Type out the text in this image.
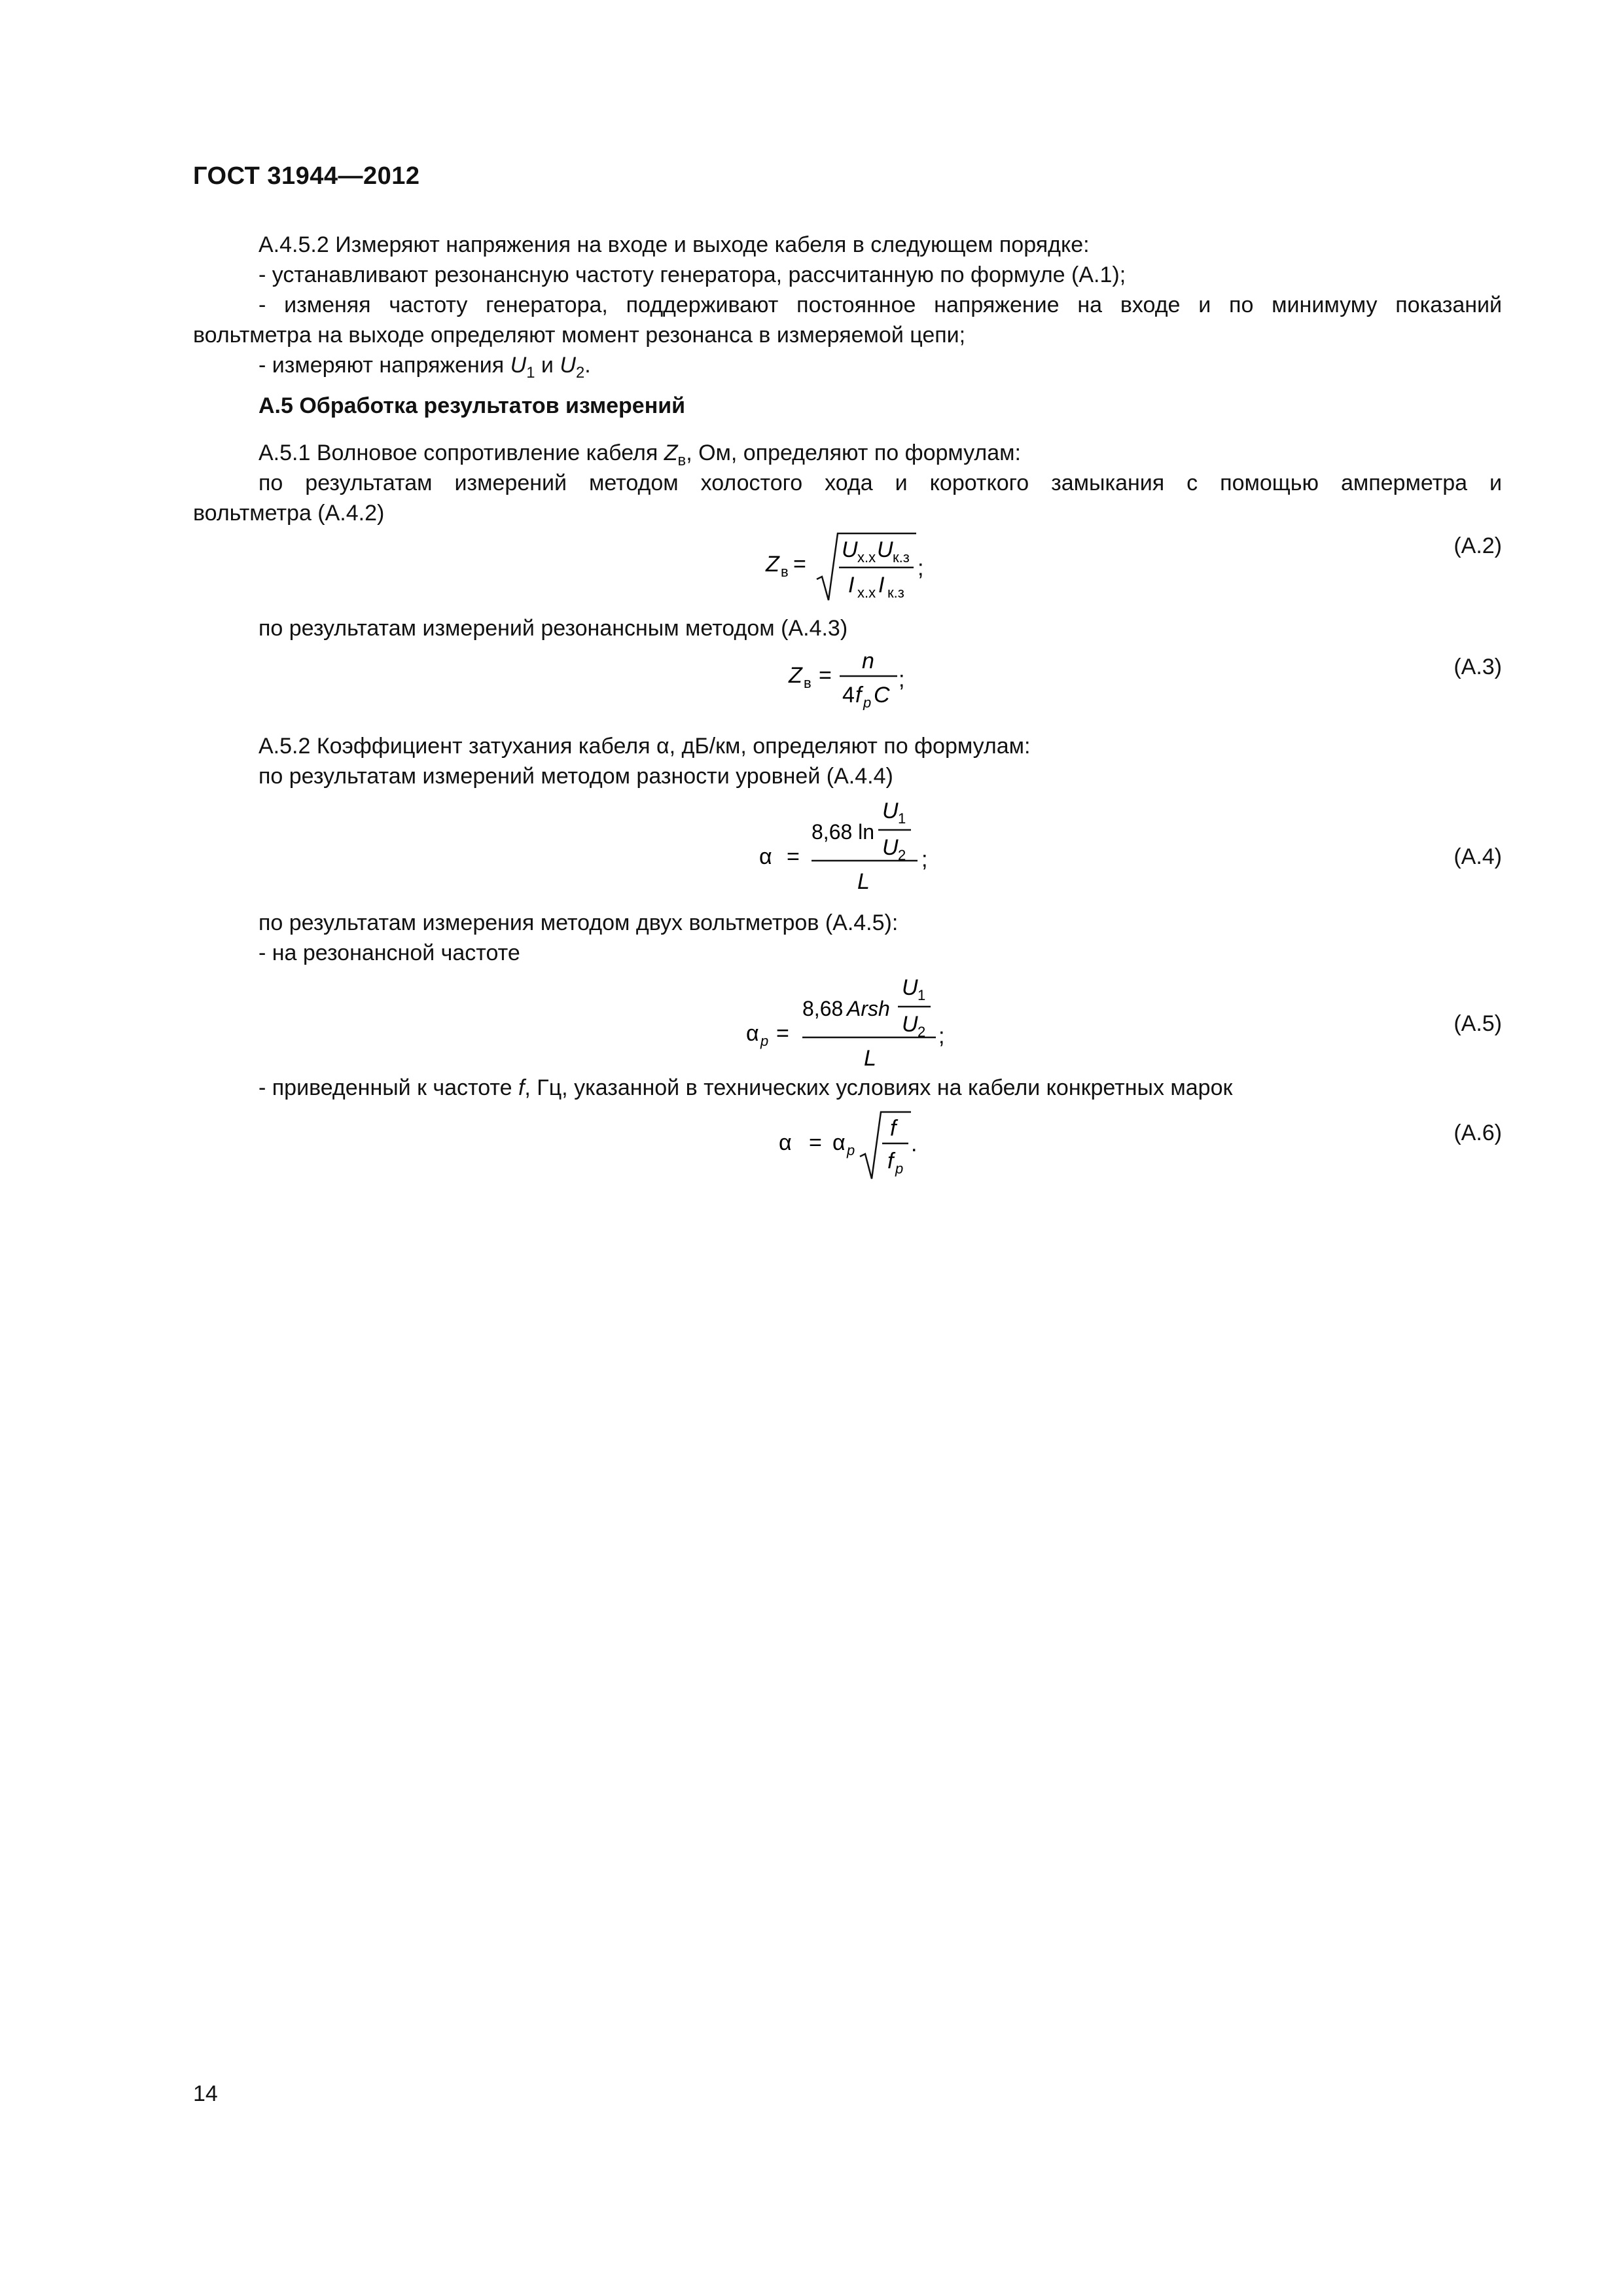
ГОСТ 31944—2012
А.4.5.2 Измеряют напряжения на входе и выходе кабеля в следующем порядке:
- устанавливают резонансную частоту генератора, рассчитанную по формуле (А.1);
- изменяя частоту генератора, поддерживают постоянное напряжение на входе и по минимуму показаний
вольтметра на выходе определяют момент резонанса в измеряемой цепи;
- измеряют напряжения $U_1$ и $U_2$.
А.5 Обработка результатов измерений
А.5.1 Волновое сопротивление кабеля $Z_в$, Ом, определяют по формулам:
по результатам измерений методом холостого хода и короткого замыкания с помощью амперметра и
вольтметра (А.4.2)
Z в =
U х.х U к.з
I х.х I к.з
;
(А.2)
по результатам измерений резонансным методом (А.4.3)
Z в =
n
4 f p C
;	(А.3)
А.5.2 Коэффициент затухания кабеля α, дБ/км, определяют по формулам:
по результатам измерений методом разности уровней (А.4.4)
α =
8,68 ln
U 1
U 2
L
;	(А.4)
по результатам измерения методом двух вольтметров (А.4.5):
- на резонансной частоте
α p =
8,68 Arsh
U 1
U 2
L
;	(А.5)
- приведенный к частоте f, Гц, указанной в технических условиях на кабели конкретных марок
α = α p
f
f p
.	(А.6)
14
